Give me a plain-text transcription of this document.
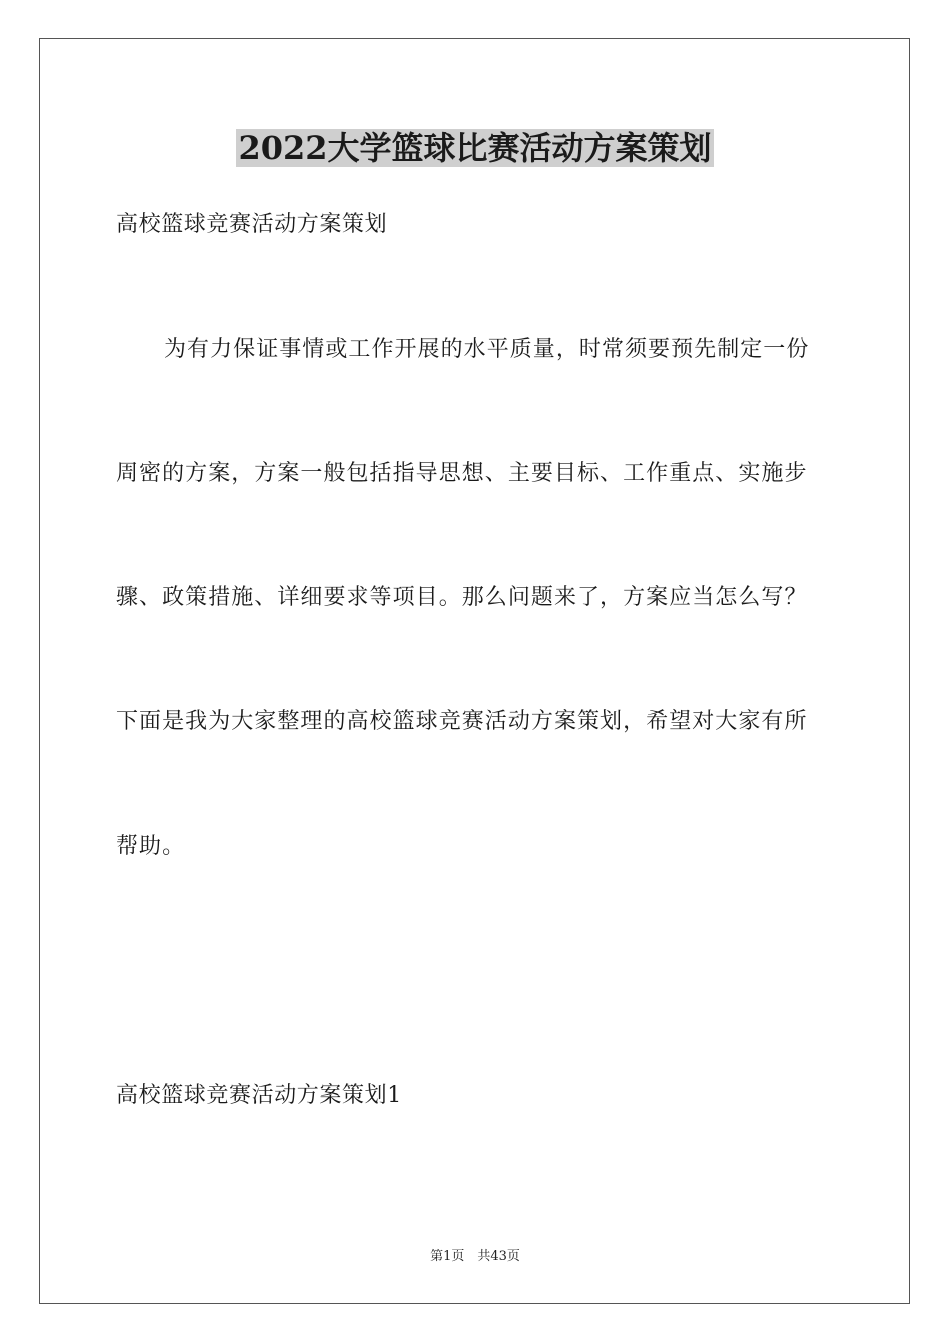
2022大学篮球比赛活动方案策划
高校篮球竞赛活动方案策划
为有力保证事情或工作开展的水平质量，时常须要预先制定一份
周密的方案，方案一般包括指导思想、主要目标、工作重点、实施步
骤、政策措施、详细要求等项目。那么问题来了，方案应当怎么写？
下面是我为大家整理的高校篮球竞赛活动方案策划，希望对大家有所
帮助。
高校篮球竞赛活动方案策划1
第1页　共43页
